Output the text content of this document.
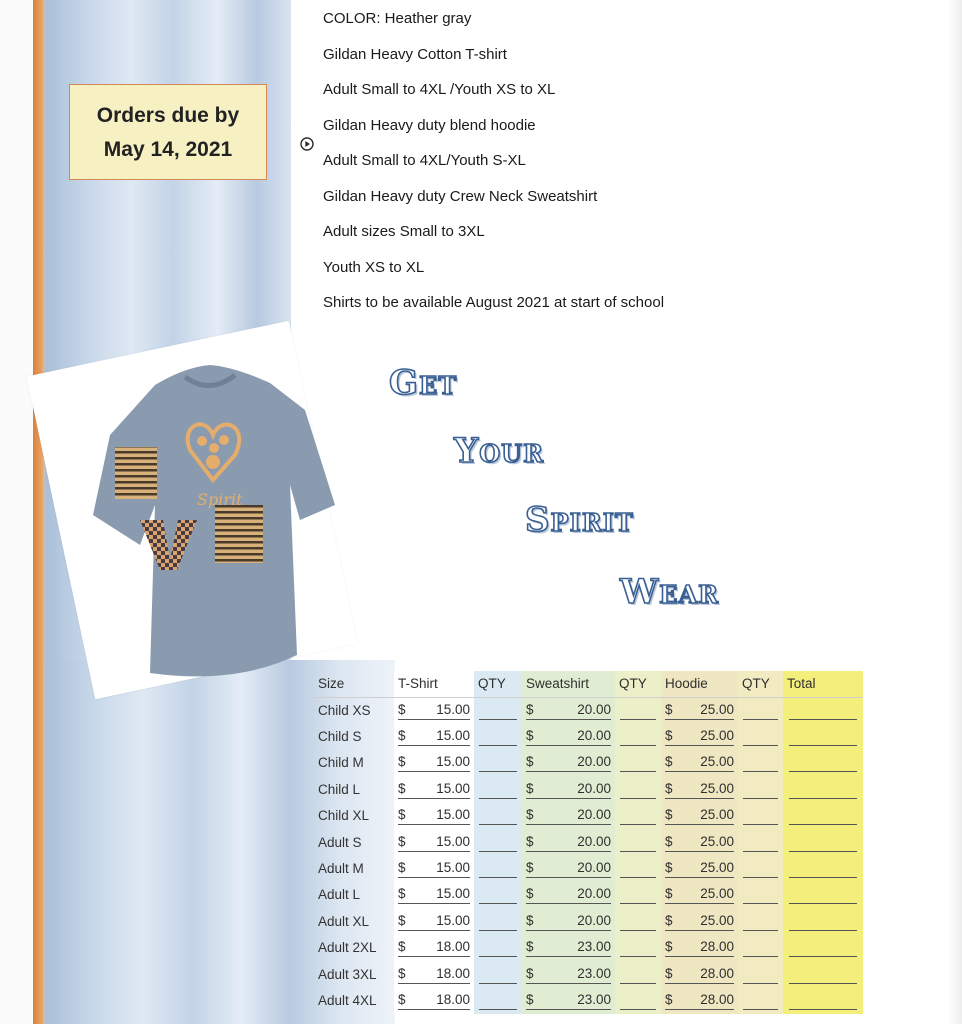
Orders due by
May 14, 2021
COLOR: Heather gray
Gildan Heavy Cotton T-shirt
Adult Small to 4XL /Youth XS to XL
Gildan Heavy duty blend hoodie
Adult Small to 4XL/Youth S-XL
Gildan Heavy duty Crew Neck Sweatshirt
Adult sizes Small to 3XL
Youth XS to XL
Shirts to be available August 2021 at start of school
Spirit
Get
Your
Spirit
Wear
Size	T-Shirt	QTY	Sweatshirt	QTY	Hoodie	QTY	Total
Child XS	$ 15.00		$ 20.00		$ 25.00		

Child S	$ 15.00		$ 20.00		$ 25.00		

Child M	$ 15.00		$ 20.00		$ 25.00		

Child L	$ 15.00		$ 20.00		$ 25.00		

Child XL	$ 15.00		$ 20.00		$ 25.00		

Adult S	$ 15.00		$ 20.00		$ 25.00		

Adult M	$ 15.00		$ 20.00		$ 25.00		

Adult L	$ 15.00		$ 20.00		$ 25.00		

Adult XL	$ 15.00		$ 20.00		$ 25.00		

Adult 2XL	$ 18.00		$ 23.00		$ 28.00		

Adult 3XL	$ 18.00		$ 23.00		$ 28.00		

Adult 4XL	$ 18.00		$ 23.00		$ 28.00		
